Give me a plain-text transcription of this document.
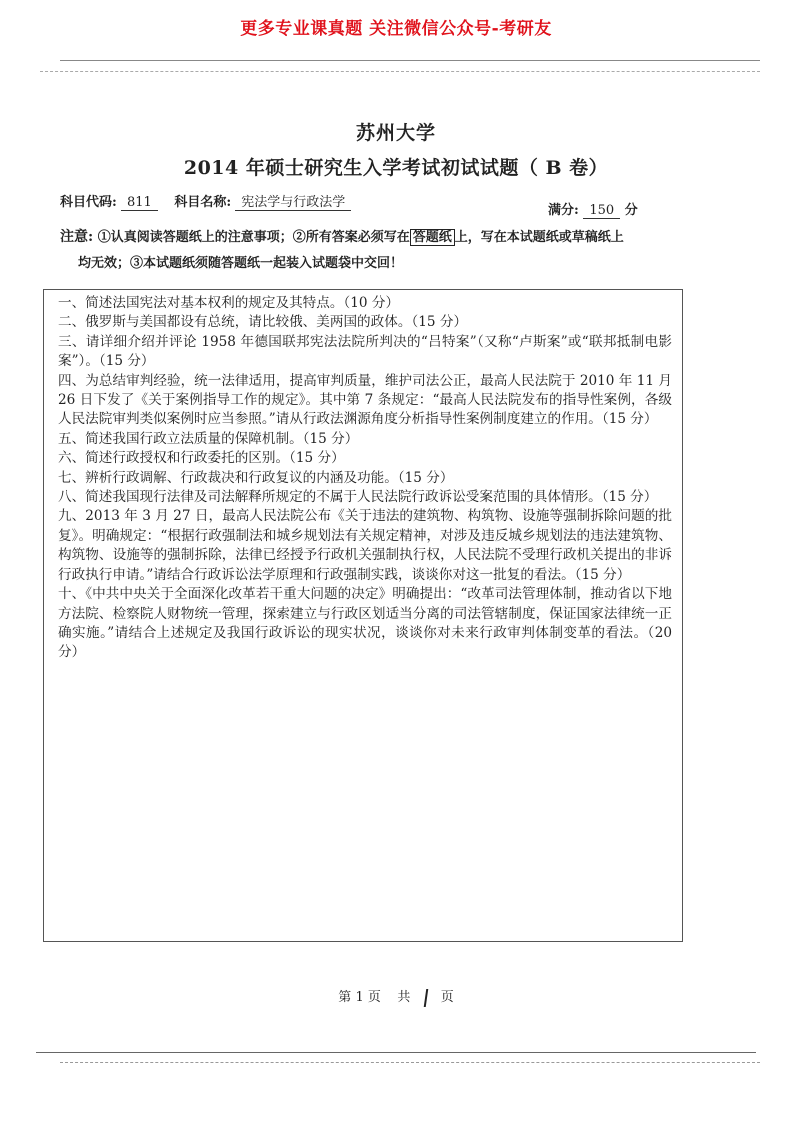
更多专业课真题 关注微信公众号-考研友
苏州大学
2014 年硕士研究生入学考试初试试题（ B 卷）
科目代码: 811 科目名称: 宪法学与行政法学
满分: 150 分
注意: ①认真阅读答题纸上的注意事项；②所有答案必须写在 答题纸 上，写在本试题纸或草稿纸上
均无效；③本试题纸须随答题纸一起装入试题袋中交回！

一、简述法国宪法对基本权利的规定及其特点。（10 分）

二、俄罗斯与美国都设有总统，请比较俄、美两国的政体。（15 分）

三、请详细介绍并评论 1958 年德国联邦宪法法院所判决的“吕特案”（又称“卢斯案”或“联邦抵制电影案”）。（15 分）

四、为总结审判经验，统一法律适用，提高审判质量，维护司法公正，最高人民法院于 2010 年 11 月 26 日下发了《关于案例指导工作的规定》。其中第 7 条规定：“最高人民法院发布的指导性案例，各级人民法院审判类似案例时应当参照。”请从行政法渊源角度分析指导性案例制度建立的作用。（15 分）

五、简述我国行政立法质量的保障机制。（15 分）

六、简述行政授权和行政委托的区别。（15 分）

七、辨析行政调解、行政裁决和行政复议的内涵及功能。（15 分）

八、简述我国现行法律及司法解释所规定的不属于人民法院行政诉讼受案范围的具体情形。（15 分）

九、2013 年 3 月 27 日，最高人民法院公布《关于违法的建筑物、构筑物、设施等强制拆除问题的批复》。明确规定：“根据行政强制法和城乡规划法有关规定精神，对涉及违反城乡规划法的违法建筑物、构筑物、设施等的强制拆除，法律已经授予行政机关强制执行权，人民法院不受理行政机关提出的非诉行政执行申请。”请结合行政诉讼法学原理和行政强制实践，谈谈你对这一批复的看法。（15 分）

十、《中共中央关于全面深化改革若干重大问题的决定》明确提出：“改革司法管理体制，推动省以下地方法院、检察院人财物统一管理，探索建立与行政区划适当分离的司法管辖制度，保证国家法律统一正确实施。”请结合上述规定及我国行政诉讼的现实状况，谈谈你对未来行政审判体制变革的看法。（20 分）

第 1 页 共 页
